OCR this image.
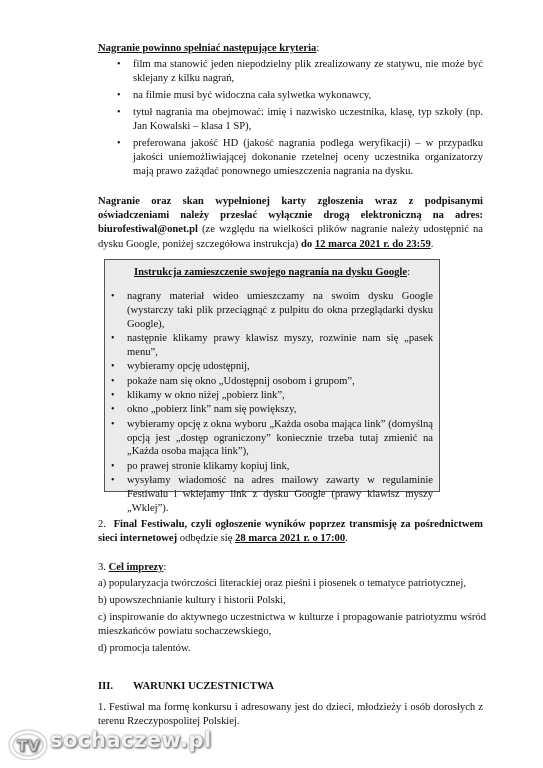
Nagranie powinno spełniać następujące kryteria:
• film ma stanowić jeden niepodzielny plik zrealizowany ze statywu, nie może być sklejany z kilku nagrań,
• na filmie musi być widoczna cała sylwetka wykonawcy,
• tytuł nagrania ma obejmować: imię i nazwisko uczestnika, klasę, typ szkoły (np. Jan Kowalski – klasa 1 SP),
• preferowana jakość HD (jakość nagrania podlega weryfikacji) – w przypadku jakości uniemożliwiającej dokonanie rzetelnej oceny uczestnika organizatorzy mają prawo zażądać ponownego umieszczenia nagrania na dysku.
Nagranie oraz skan wypełnionej karty zgłoszenia wraz z podpisanymi oświadczeniami należy przesłać wyłącznie drogą elektroniczną na adres: biurofestiwal@onet.pl (ze względu na wielkości plików nagranie należy udostępnić na dysku Google, poniżej szczegółowa instrukcja) do 12 marca 2021 r. do 23:59.
Instrukcja zamieszczenie swojego nagrania na dysku Google:
• nagrany materiał wideo umieszczamy na swoim dysku Google (wystarczy taki plik przeciągnąć z pulpitu do okna przeglądarki dysku Google),
• następnie klikamy prawy klawisz myszy, rozwinie nam się „pasek menu”,
• wybieramy opcję udostępnij,
• pokaże nam się okno „Udostępnij osobom i grupom”,
• klikamy w okno niżej „pobierz link”,
• okno „pobierz link” nam się powiększy,
• wybieramy opcję z okna wyboru „Każda osoba mająca link” (domyślną opcją jest „dostęp ograniczony” koniecznie trzeba tutaj zmienić na „Każda osoba mająca link”),
• po prawej stronie klikamy kopiuj link,
• wysyłamy wiadomość na adres mailowy zawarty w regulaminie Festiwalu i wklejamy link z dysku Google (prawy klawisz myszy „Wklej”).
2. Final Festiwalu, czyli ogłoszenie wyników poprzez transmisję za pośrednictwem sieci internetowej odbędzie się 28 marca 2021 r. o 17:00.
3. Cel imprezy:

a) popularyzacja twórczości literackiej oraz pieśni i piosenek o tematyce patriotycznej,

b) upowszechnianie kultury i historii Polski,

c) inspirowanie do aktywnego uczestnictwa w kulturze i propagowanie patriotyzmu wśród mieszkańców powiatu sochaczewskiego,

d) promocja talentów.

III. WARUNKI UCZESTNICTWA
1. Festiwal ma formę konkursu i adresowany jest do dzieci, młodzieży i osób dorosłych z terenu Rzeczypospolitej Polskiej.
TV sochaczew.pl
